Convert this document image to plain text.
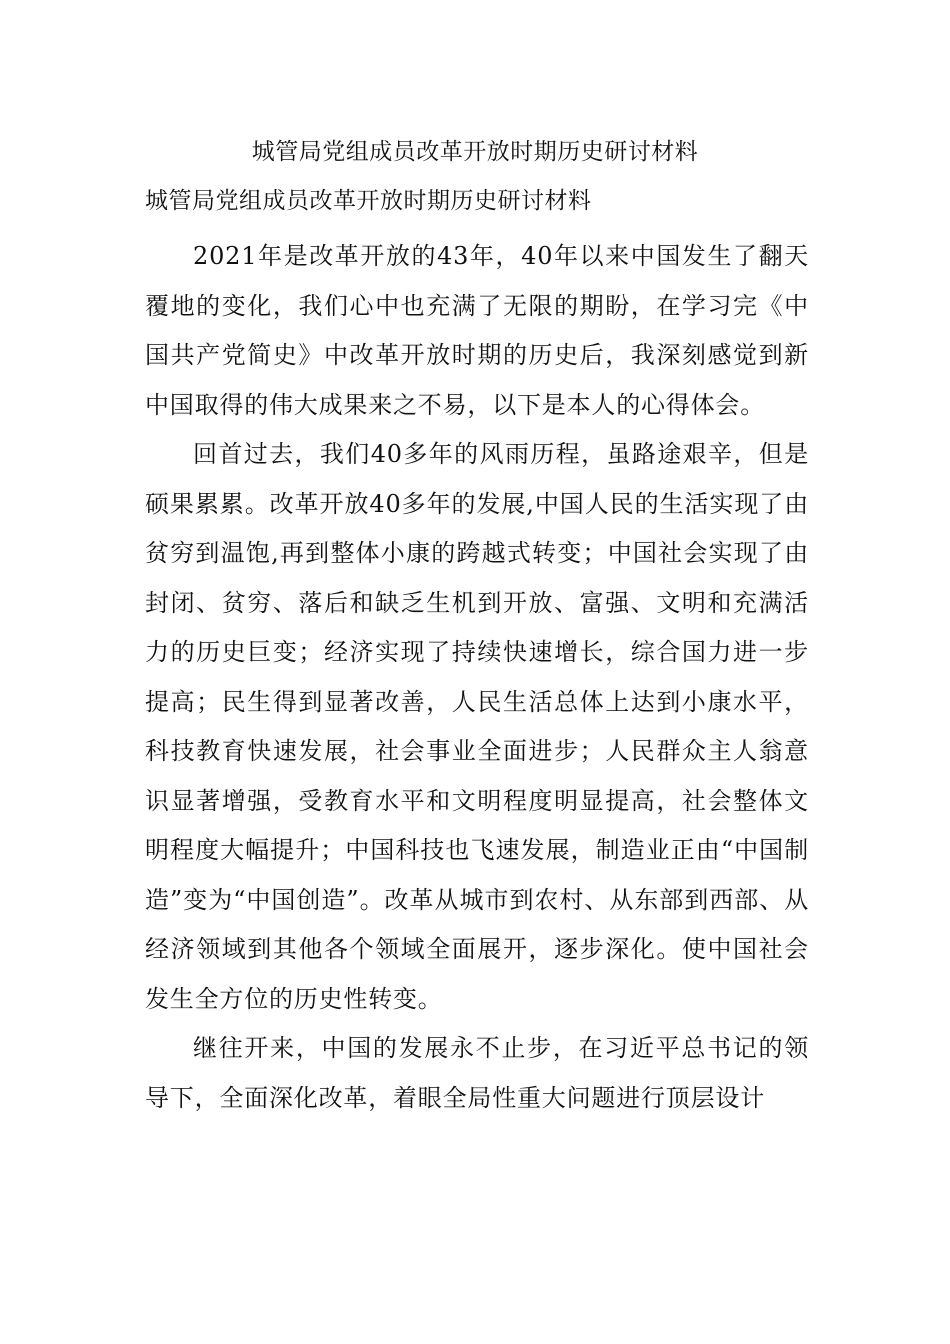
城管局党组成员改革开放时期历史研讨材料
城管局党组成员改革开放时期历史研讨材料

2021年是改革开放的43年，40年以来中国发生了翻天覆地的变化，我们心中也充满了无限的期盼，在学习完《中国共产党简史》中改革开放时期的历史后，我深刻感觉到新中国取得的伟大成果来之不易，以下是本人的心得体会。

回首过去，我们40多年的风雨历程，虽路途艰辛，但是硕果累累。改革开放40多年的发展,中国人民的生活实现了由贫穷到温饱,再到整体小康的跨越式转变；中国社会实现了由封闭、贫穷、落后和缺乏生机到开放、富强、文明和充满活力的历史巨变；经济实现了持续快速增长，综合国力进一步提高；民生得到显著改善，人民生活总体上达到小康水平，科技教育快速发展，社会事业全面进步；人民群众主人翁意识显著增强，受教育水平和文明程度明显提高，社会整体文明程度大幅提升；中国科技也飞速发展，制造业正由“中国制造”变为“中国创造”。改革从城市到农村、从东部到西部、从经济领域到其他各个领域全面展开，逐步深化。使中国社会发生全方位的历史性转变。

继往开来，中国的发展永不止步，在习近平总书记的领导下，全面深化改革，着眼全局性重大问题进行顶层设计
